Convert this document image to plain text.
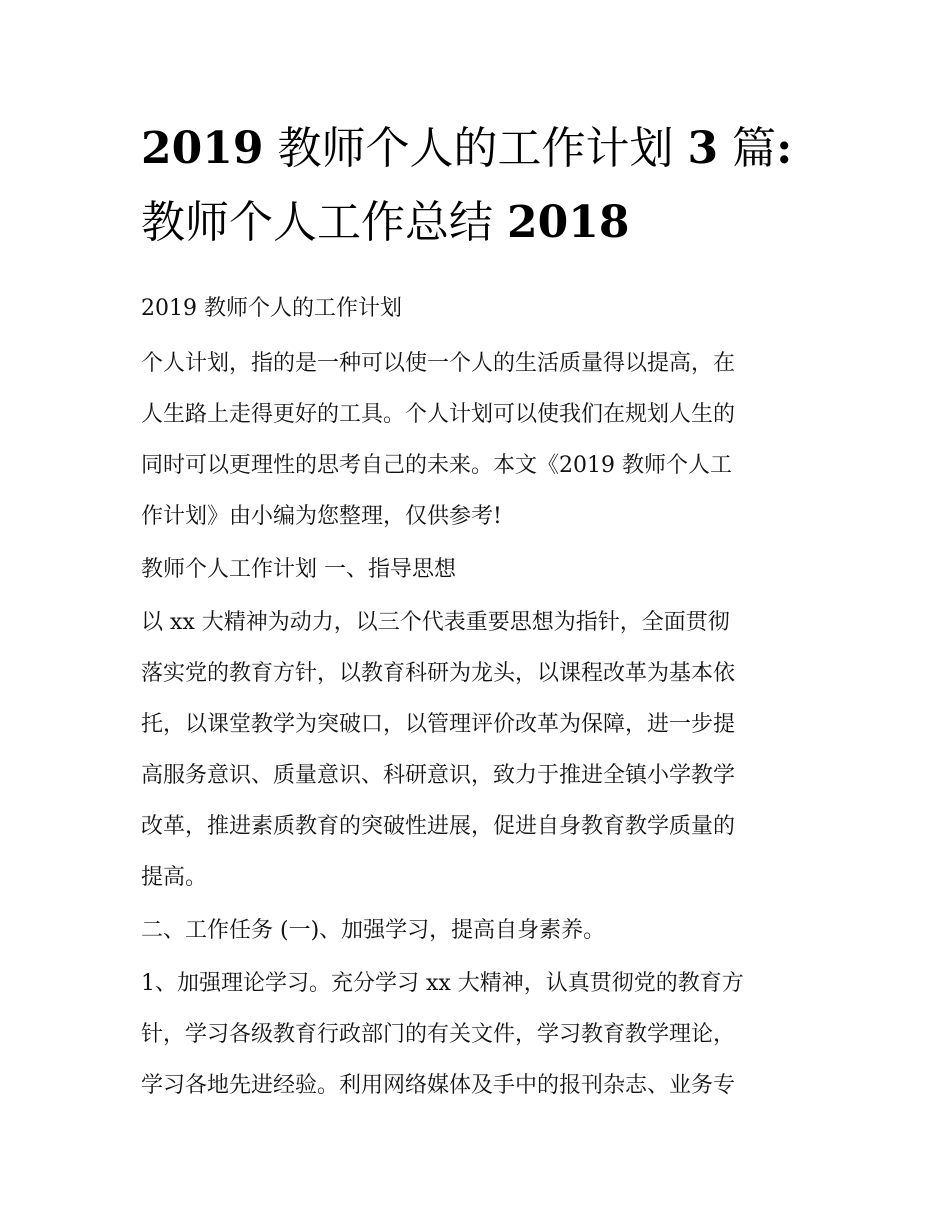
2019 教师个人的工作计划 3 篇:
教师个人工作总结 2018

2019 教师个人的工作计划

个人计划，指的是一种可以使一个人的生活质量得以提高，在
人生路上走得更好的工具。个人计划可以使我们在规划人生的
同时可以更理性的思考自己的未来。本文《2019 教师个人工
作计划》由小编为您整理，仅供参考!

教师个人工作计划 一、指导思想

以 xx 大精神为动力，以三个代表重要思想为指针，全面贯彻
落实党的教育方针，以教育科研为龙头，以课程改革为基本依
托，以课堂教学为突破口，以管理评价改革为保障，进一步提
高服务意识、质量意识、科研意识，致力于推进全镇小学教学
改革，推进素质教育的突破性进展，促进自身教育教学质量的
提高。

二、工作任务 (一)、加强学习，提高自身素养。

1、加强理论学习。充分学习 xx 大精神，认真贯彻党的教育方
针，学习各级教育行政部门的有关文件，学习教育教学理论，
学习各地先进经验。利用网络媒体及手中的报刊杂志、业务专
